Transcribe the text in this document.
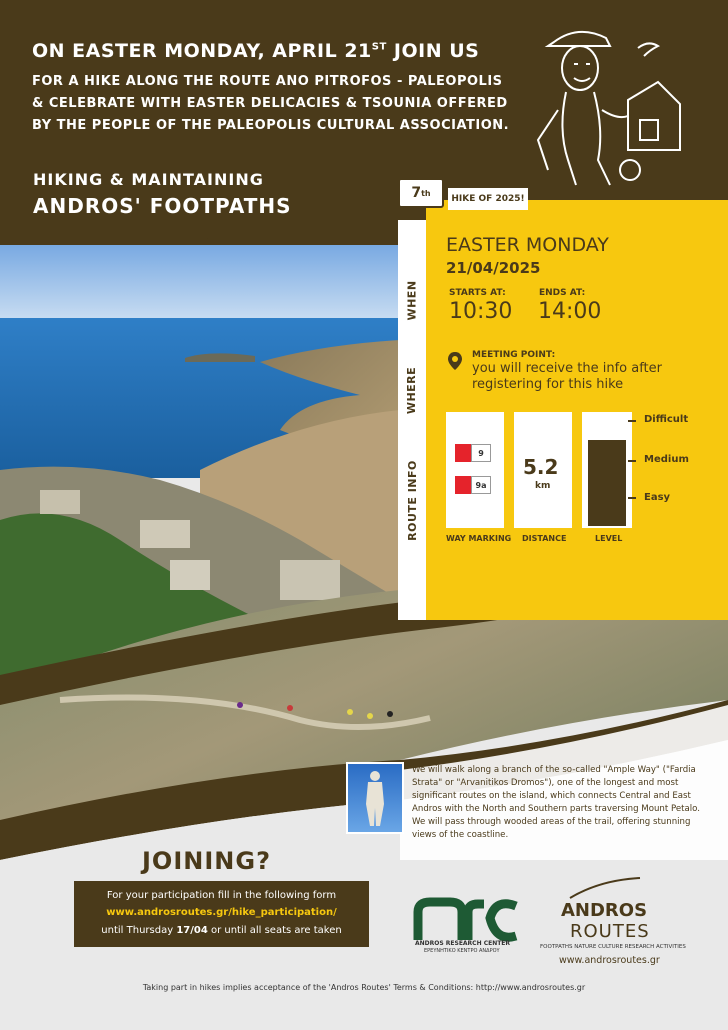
ON EASTER MONDAY, APRIL 21ST JOIN US
FOR A HIKE ALONG THE ROUTE ANO PITROFOS - PALEOPOLIS
& CELEBRATE WITH EASTER DELICACIES & TSOUNIA OFFERED
BY THE PEOPLE OF THE PALEOPOLIS CULTURAL ASSOCIATION.
HIKING & MAINTAINING
ANDROS' FOOTPATHS
WHEN
WHERE
ROUTE INFO
7 th
HIKE OF 2025!
EASTER MONDAY
21/04/2025
STARTS AT:	ENDS AT:
10:30 14:00
MEETING POINT:
you will receive the info after registering for this hike
9
9a
5.2
km
Difficult
Medium
Easy
WAY MARKING DISTANCE	LEVEL
We will walk along a branch of the so-called "Ample Way" ("Fardia Strata" or "Arvanitikos Dromos"), one of the longest and most significant routes on the island, which connects Central and East Andros with the North and Southern parts traversing Mount Petalo. We will pass through wooded areas of the trail, offering stunning views of the coastline.
JOINING?
For your participation fill in the following form
www.androsroutes.gr/hike_participation/
until Thursday 17/04 or until all seats are taken
ANDROS RESEARCH CENTER
ΕΡΕΥΝΗΤΙΚΟ ΚΕΝΤΡΟ ΑΝΔΡΟΥ
ANDROS
ROUTES
FOOTPATHS NATURE CULTURE RESEARCH ACTIVITIES
www.androsroutes.gr
Taking part in hikes implies acceptance of the 'Andros Routes' Terms & Conditions: http://www.androsroutes.gr
